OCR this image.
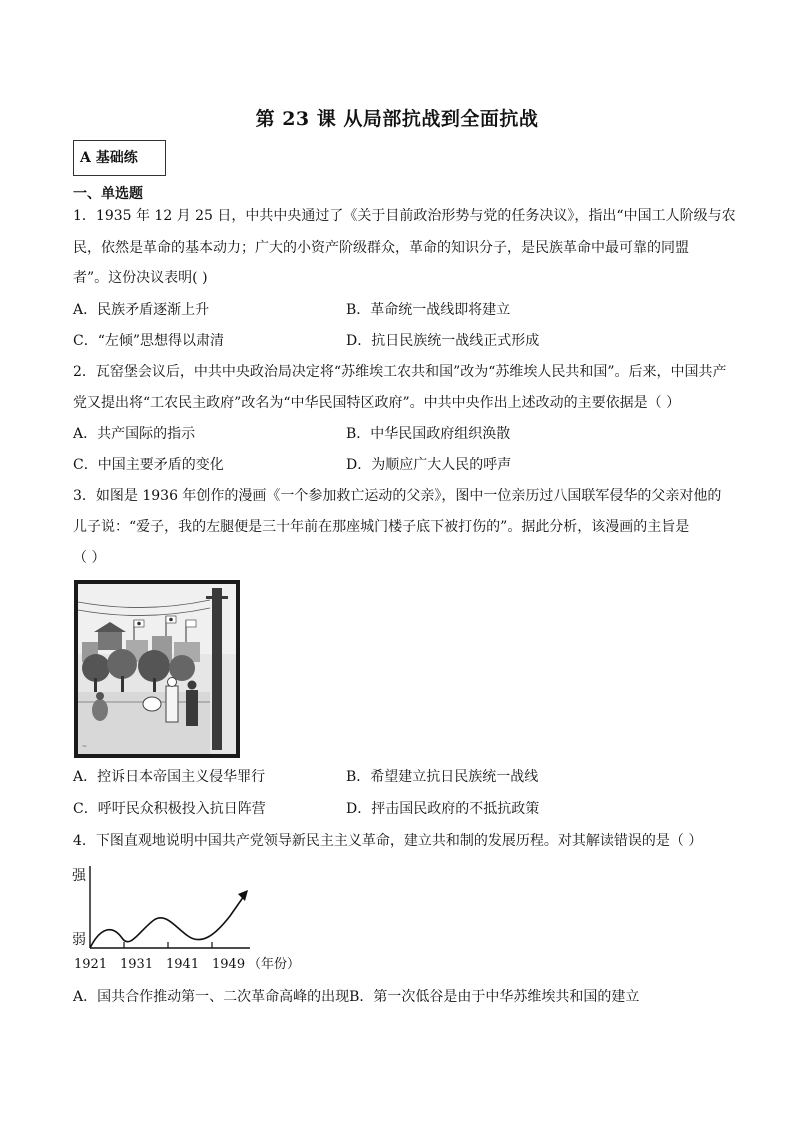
第 23 课 从局部抗战到全面抗战
A 基础练
一、单选题
1．1935 年 12 月 25 日，中共中央通过了《关于目前政治形势与党的任务决议》，指出“中国工人阶级与农
民，依然是革命的基本动力；广大的小资产阶级群众，革命的知识分子，是民族革命中最可靠的同盟
者”。这份决议表明( )
A．民族矛盾逐渐上升	B．革命统一战线即将建立
C．“左倾”思想得以肃清	D．抗日民族统一战线正式形成
2．瓦窑堡会议后，中共中央政治局决定将“苏维埃工农共和国”改为“苏维埃人民共和国”。后来，中国共产
党又提出将“工农民主政府”改名为“中华民国特区政府”。中共中央作出上述改动的主要依据是（ ）
A．共产国际的指示	B．中华民国政府组织涣散
C．中国主要矛盾的变化	D．为顺应广大人民的呼声
3．如图是 1936 年创作的漫画《一个参加救亡运动的父亲》，图中一位亲历过八国联军侵华的父亲对他的
儿子说：“爱子，我的左腿便是三十年前在那座城门楼子底下被打伤的”。据此分析，该漫画的主旨是
（ ）
~
A．控诉日本帝国主义侵华罪行	B．希望建立抗日民族统一战线
C．呼吁民众积极投入抗日阵营	D．抨击国民政府的不抵抗政策
4．下图直观地说明中国共产党领导新民主主义革命，建立共和制的发展历程。对其解读错误的是（ ）
强
弱
1921 1931 1941 1949 （年份）
A．国共合作推动第一、二次革命高峰的出现B．第一次低谷是由于中华苏维埃共和国的建立
